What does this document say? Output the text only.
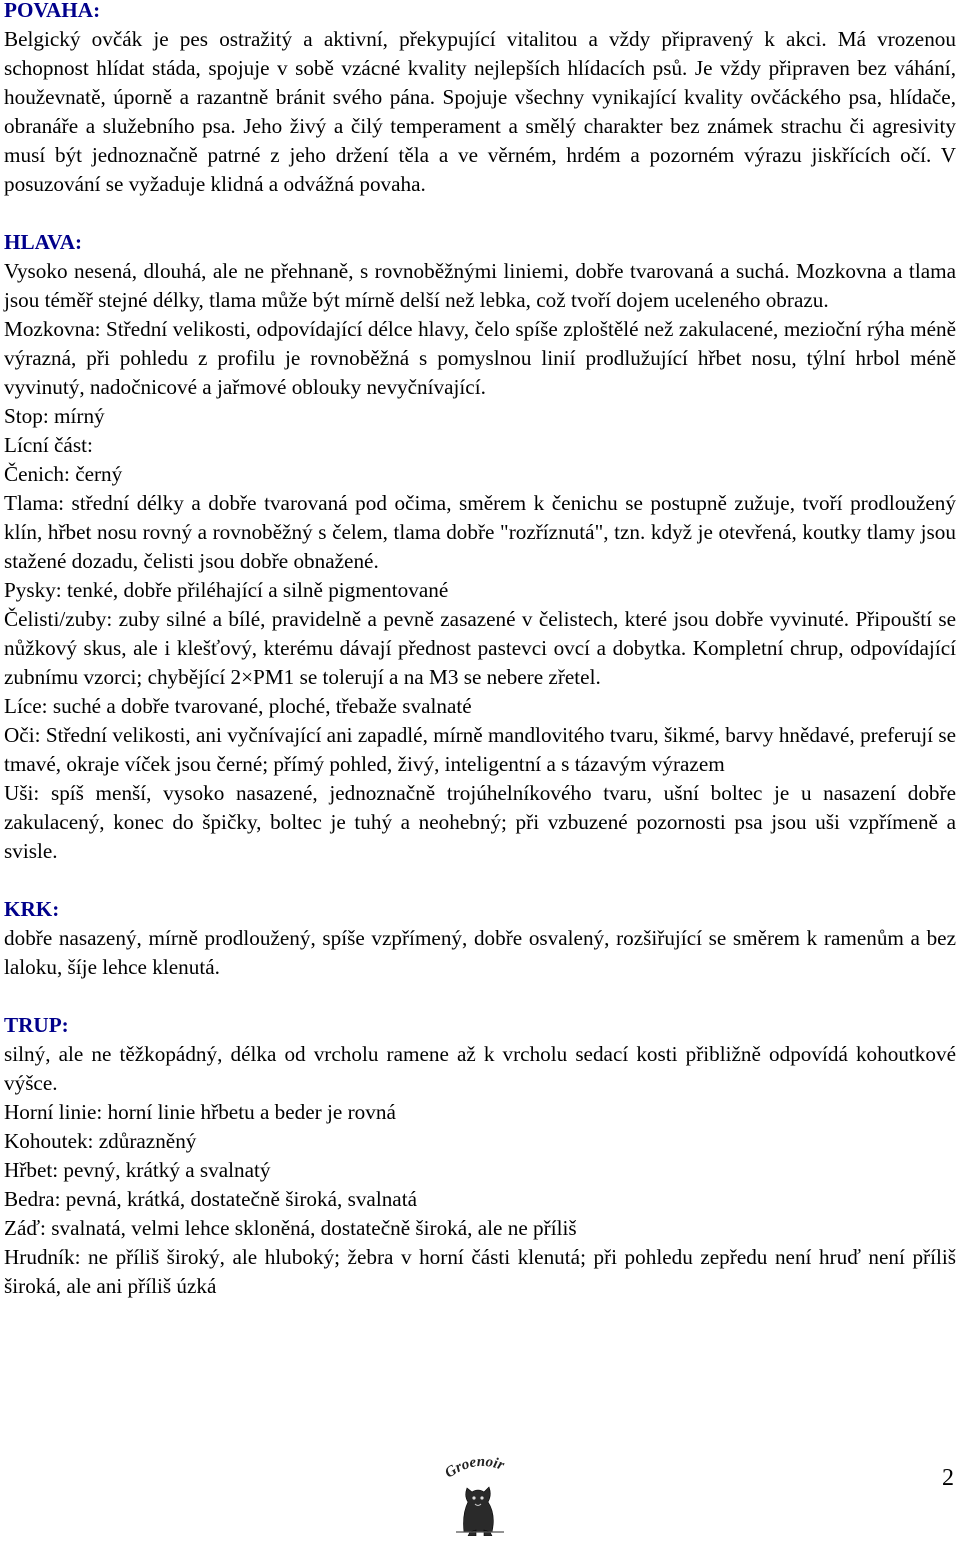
POVAHA:

Belgický ovčák je pes ostražitý a aktivní, překypující vitalitou a vždy připravený k akci. Má vrozenou schopnost hlídat stáda, spojuje v sobě vzácné kvality nejlepších hlídacích psů. Je vždy připraven bez váhání, houževnatě, úporně a razantně bránit svého pána. Spojuje všechny vynikající kvality ovčáckého psa, hlídače, obranáře a služebního psa. Jeho živý a čilý temperament a smělý charakter bez známek strachu či agresivity musí být jednoznačně patrné z jeho držení těla a ve věrném, hrdém a pozorném výrazu jiskřících očí. V posuzování se vyžaduje klidná a odvážná povaha.

HLAVA:

Vysoko nesená, dlouhá, ale ne přehnaně, s rovnoběžnými liniemi, dobře tvarovaná a suchá. Mozkovna a tlama jsou téměř stejné délky, tlama může být mírně delší než lebka, což tvoří dojem uceleného obrazu.

Mozkovna: Střední velikosti, odpovídající délce hlavy, čelo spíše zploštělé než zakulacené, mezioční rýha méně výrazná, při pohledu z profilu je rovnoběžná s pomyslnou linií prodlužující hřbet nosu, týlní hrbol méně vyvinutý, nadočnicové a jařmové oblouky nevyčnívající.

Stop: mírný

Lícní část:

Čenich: černý

Tlama: střední délky a dobře tvarovaná pod očima, směrem k čenichu se postupně zužuje, tvoří prodloužený klín, hřbet nosu rovný a rovnoběžný s čelem, tlama dobře "rozříznutá", tzn. když je otevřená, koutky tlamy jsou stažené dozadu, čelisti jsou dobře obnažené.

Pysky: tenké, dobře přiléhající a silně pigmentované

Čelisti/zuby: zuby silné a bílé, pravidelně a pevně zasazené v čelistech, které jsou dobře vyvinuté. Připouští se nůžkový skus, ale i klešťový, kterému dávají přednost pastevci ovcí a dobytka. Kompletní chrup, odpovídající zubnímu vzorci; chybějící 2×PM1 se tolerují a na M3 se nebere zřetel.

Líce: suché a dobře tvarované, ploché, třebaže svalnaté

Oči: Střední velikosti, ani vyčnívající ani zapadlé, mírně mandlovitého tvaru, šikmé, barvy hnědavé, preferují se tmavé, okraje víček jsou černé; přímý pohled, živý, inteligentní a s tázavým výrazem

Uši: spíš menší, vysoko nasazené, jednoznačně trojúhelníkového tvaru, ušní boltec je u nasazení dobře zakulacený, konec do špičky, boltec je tuhý a neohebný; při vzbuzené pozornosti psa jsou uši vzpřímeně a svisle.

KRK:

dobře nasazený, mírně prodloužený, spíše vzpřímený, dobře osvalený, rozšiřující se směrem k ramenům a bez laloku, šíje lehce klenutá.

TRUP:

silný, ale ne těžkopádný, délka od vrcholu ramene až k vrcholu sedací kosti přibližně odpovídá kohoutkové výšce.

Horní linie: horní linie hřbetu a beder je rovná

Kohoutek: zdůrazněný

Hřbet: pevný, krátký a svalnatý

Bedra: pevná, krátká, dostatečně široká, svalnatá

Záď: svalnatá, velmi lehce skloněná, dostatečně široká, ale ne příliš

Hrudník: ne příliš široký, ale hluboký; žebra v horní části klenutá; při pohledu zepředu není hruď není příliš široká, ale ani příliš úzká

Groenoir	2
